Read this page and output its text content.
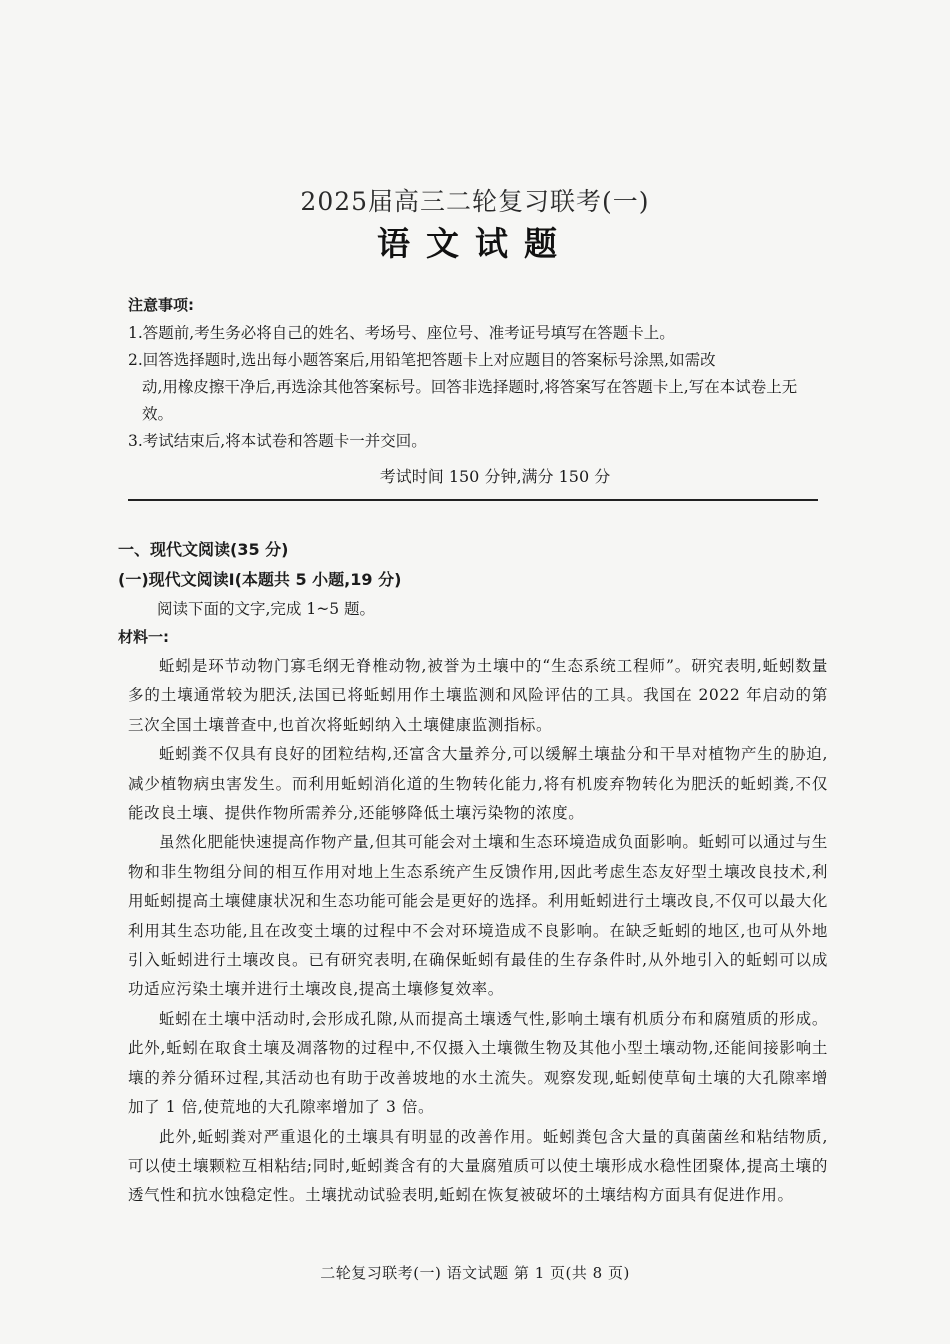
2025届高三二轮复习联考(一)
语文试题
注意事项:
1.答题前,考生务必将自己的姓名、考场号、座位号、准考证号填写在答题卡上。
2.回答选择题时,选出每小题答案后,用铅笔把答题卡上对应题目的答案标号涂黑,如需改
动,用橡皮擦干净后,再选涂其他答案标号。回答非选择题时,将答案写在答题卡上,写在本试卷上无效。
3.考试结束后,将本试卷和答题卡一并交回。
考试时间 150 分钟,满分 150 分
一、现代文阅读(35 分)
(一)现代文阅读Ⅰ(本题共 5 小题,19 分)
阅读下面的文字,完成 1~5 题。
材料一:

蚯蚓是环节动物门寡毛纲无脊椎动物,被誉为土壤中的“生态系统工程师”。研究表明,蚯蚓数量多的土壤通常较为肥沃,法国已将蚯蚓用作土壤监测和风险评估的工具。我国在 2022 年启动的第三次全国土壤普查中,也首次将蚯蚓纳入土壤健康监测指标。

蚯蚓粪不仅具有良好的团粒结构,还富含大量养分,可以缓解土壤盐分和干旱对植物产生的胁迫,减少植物病虫害发生。而利用蚯蚓消化道的生物转化能力,将有机废弃物转化为肥沃的蚯蚓粪,不仅能改良土壤、提供作物所需养分,还能够降低土壤污染物的浓度。

虽然化肥能快速提高作物产量,但其可能会对土壤和生态环境造成负面影响。蚯蚓可以通过与生物和非生物组分间的相互作用对地上生态系统产生反馈作用,因此考虑生态友好型土壤改良技术,利用蚯蚓提高土壤健康状况和生态功能可能会是更好的选择。利用蚯蚓进行土壤改良,不仅可以最大化利用其生态功能,且在改变土壤的过程中不会对环境造成不良影响。在缺乏蚯蚓的地区,也可从外地引入蚯蚓进行土壤改良。已有研究表明,在确保蚯蚓有最佳的生存条件时,从外地引入的蚯蚓可以成功适应污染土壤并进行土壤改良,提高土壤修复效率。

蚯蚓在土壤中活动时,会形成孔隙,从而提高土壤透气性,影响土壤有机质分布和腐殖质的形成。此外,蚯蚓在取食土壤及凋落物的过程中,不仅摄入土壤微生物及其他小型土壤动物,还能间接影响土壤的养分循环过程,其活动也有助于改善坡地的水土流失。观察发现,蚯蚓使草甸土壤的大孔隙率增加了 1 倍,使荒地的大孔隙率增加了 3 倍。

此外,蚯蚓粪对严重退化的土壤具有明显的改善作用。蚯蚓粪包含大量的真菌菌丝和粘结物质,可以使土壤颗粒互相粘结;同时,蚯蚓粪含有的大量腐殖质可以使土壤形成水稳性团聚体,提高土壤的透气性和抗水蚀稳定性。土壤扰动试验表明,蚯蚓在恢复被破坏的土壤结构方面具有促进作用。

二轮复习联考(一) 语文试题 第 1 页(共 8 页)
